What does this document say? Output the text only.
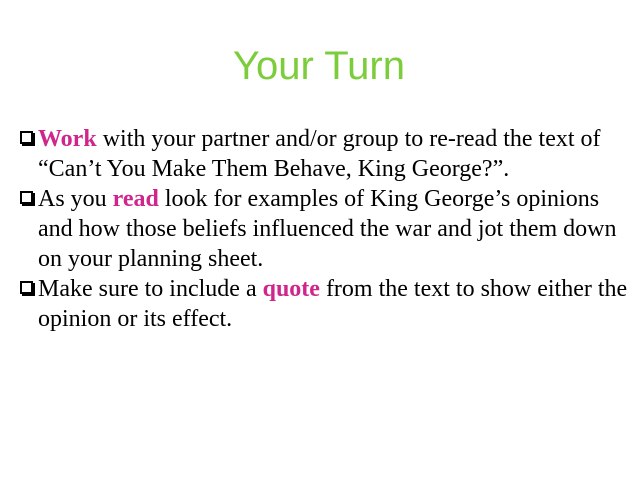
Your Turn
Work with your partner and/or group to re-read the text of “Can’t You Make Them Behave, King George?”.
As you read look for examples of King George’s opinions and how those beliefs influenced the war and jot them down on your planning sheet.
Make sure to include a quote from the text to show either the opinion or its effect.
